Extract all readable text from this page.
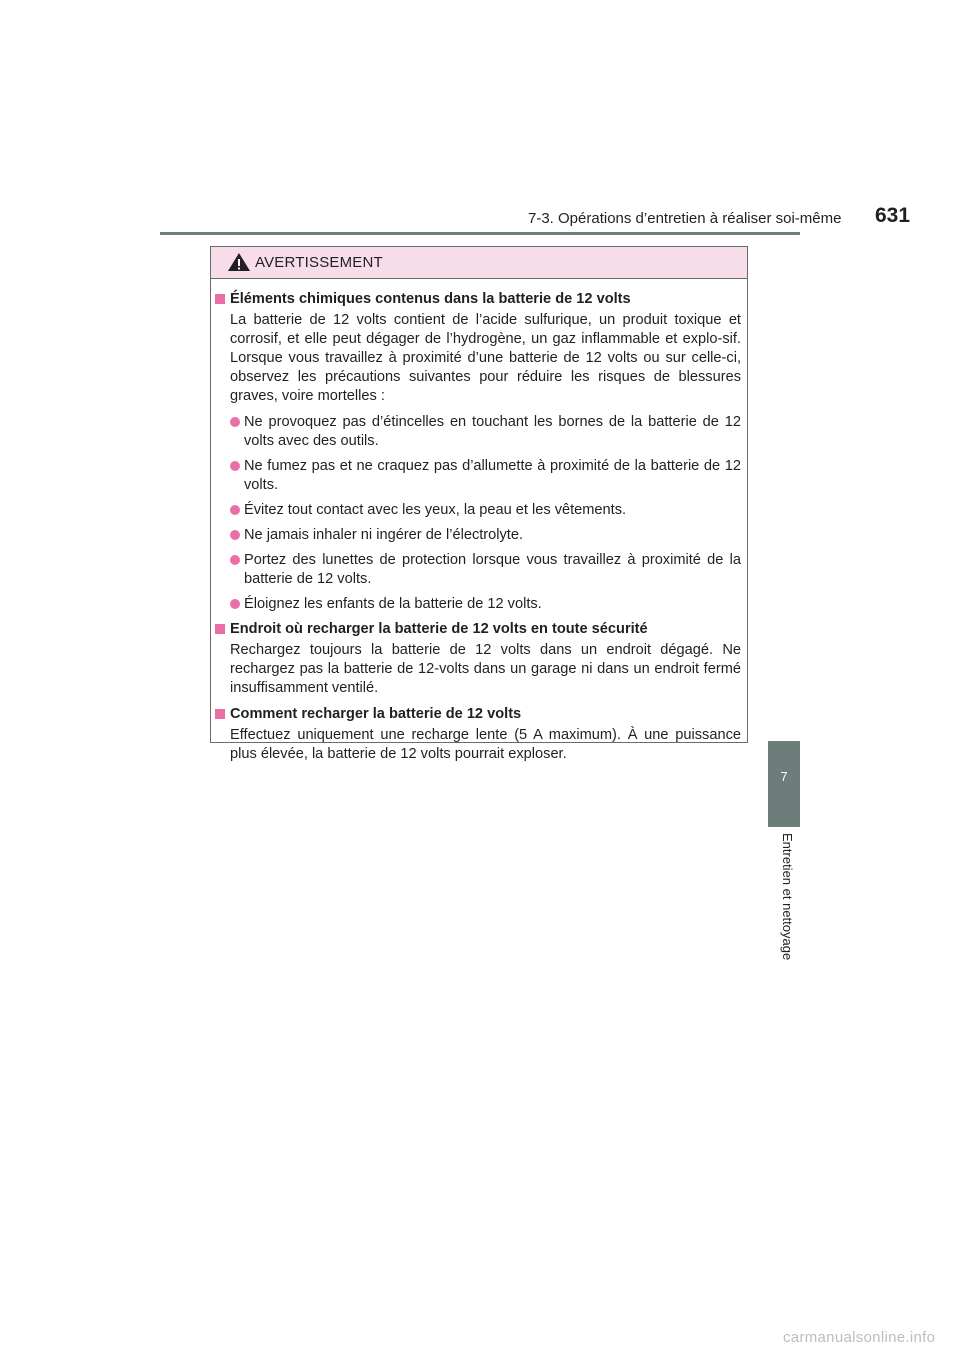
7-3. Opérations d’entretien à réaliser soi-même 631
7
Entretien et nettoyage
AVERTISSEMENT
Éléments chimiques contenus dans la batterie de 12 volts
La batterie de 12 volts contient de l’acide sulfurique, un produit toxique et corrosif, et elle peut dégager de l’hydrogène, un gaz inflammable et explo-sif. Lorsque vous travaillez à proximité d’une batterie de 12 volts ou sur celle-ci, observez les précautions suivantes pour réduire les risques de blessures graves, voire mortelles :
Ne provoquez pas d’étincelles en touchant les bornes de la batterie de 12 volts avec des outils.
Ne fumez pas et ne craquez pas d’allumette à proximité de la batterie de 12 volts.
Évitez tout contact avec les yeux, la peau et les vêtements.
Ne jamais inhaler ni ingérer de l’électrolyte.
Portez des lunettes de protection lorsque vous travaillez à proximité de la batterie de 12 volts.
Éloignez les enfants de la batterie de 12 volts.
Endroit où recharger la batterie de 12 volts en toute sécurité
Rechargez toujours la batterie de 12 volts dans un endroit dégagé. Ne rechargez pas la batterie de 12-volts dans un garage ni dans un endroit fermé insuffisamment ventilé.
Comment recharger la batterie de 12 volts
Effectuez uniquement une recharge lente (5 A maximum). À une puissance plus élevée, la batterie de 12 volts pourrait exploser.
carmanualsonline.info
